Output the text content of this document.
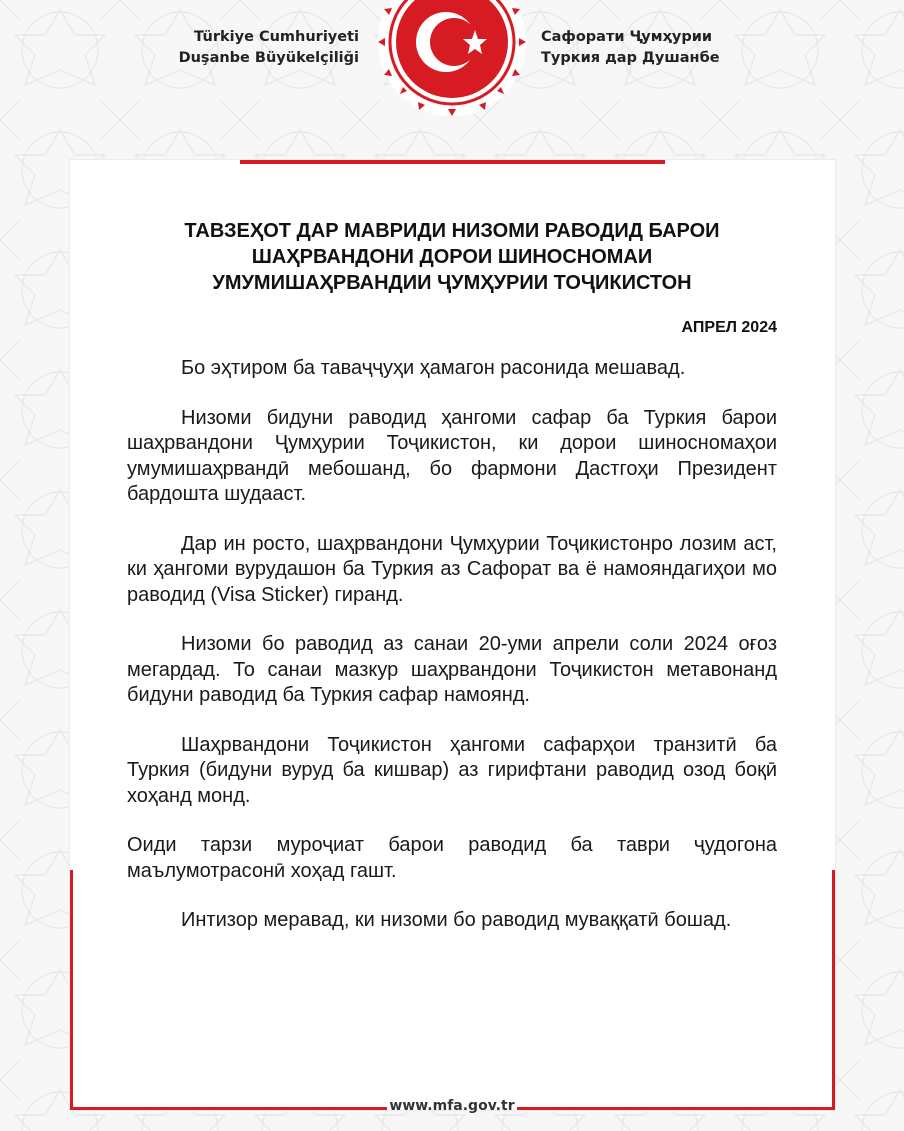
Türkiye Cumhuriyeti
Duşanbe Büyükelçiliği
Сафорати Ҷумҳурии
Туркия дар Душанбе
ТАВЗЕҲОТ ДАР МАВРИДИ НИЗОМИ РАВОДИД БАРОИ
ШАҲРВАНДОНИ ДОРОИ ШИНОСНОМАИ
УМУМИШАҲРВАНДИИ ҶУМҲУРИИ ТОҶИКИСТОН

АПРЕЛ 2024

Бо эҳтиром ба таваҷҷуҳи ҳамагон расонида мешавад.

Низоми бидуни раводид ҳангоми сафар ба Туркия барои шаҳрвандони Ҷумҳурии Тоҷикистон, ки дорои шиносномаҳои умумишаҳрвандӣ мебошанд, бо фармони Дастгоҳи Президент бардошта шудааст.

Дар ин росто, шаҳрвандони Ҷумҳурии Тоҷикистонро лозим аст, ки ҳангоми вурудашон ба Туркия аз Сафорат ва ё намояндагиҳои мо раводид (Visa Sticker) гиранд.

Низоми бо раводид аз санаи 20-уми апрели соли 2024 оғоз мегардад. То санаи мазкур шаҳрвандони Тоҷикистон метавонанд бидуни раводид ба Туркия сафар намоянд.

Шаҳрвандони Тоҷикистон ҳангоми сафарҳои транзитӣ ба Туркия (бидуни вуруд ба кишвар) аз гирифтани раводид озод боқӣ хоҳанд монд.

Оиди тарзи муроҷиат барои раводид ба таври ҷудогона маълумотрасонӣ хоҳад гашт.

Интизор меравад, ки низоми бо раводид муваққатӣ бошад.

www.mfa.gov.tr
